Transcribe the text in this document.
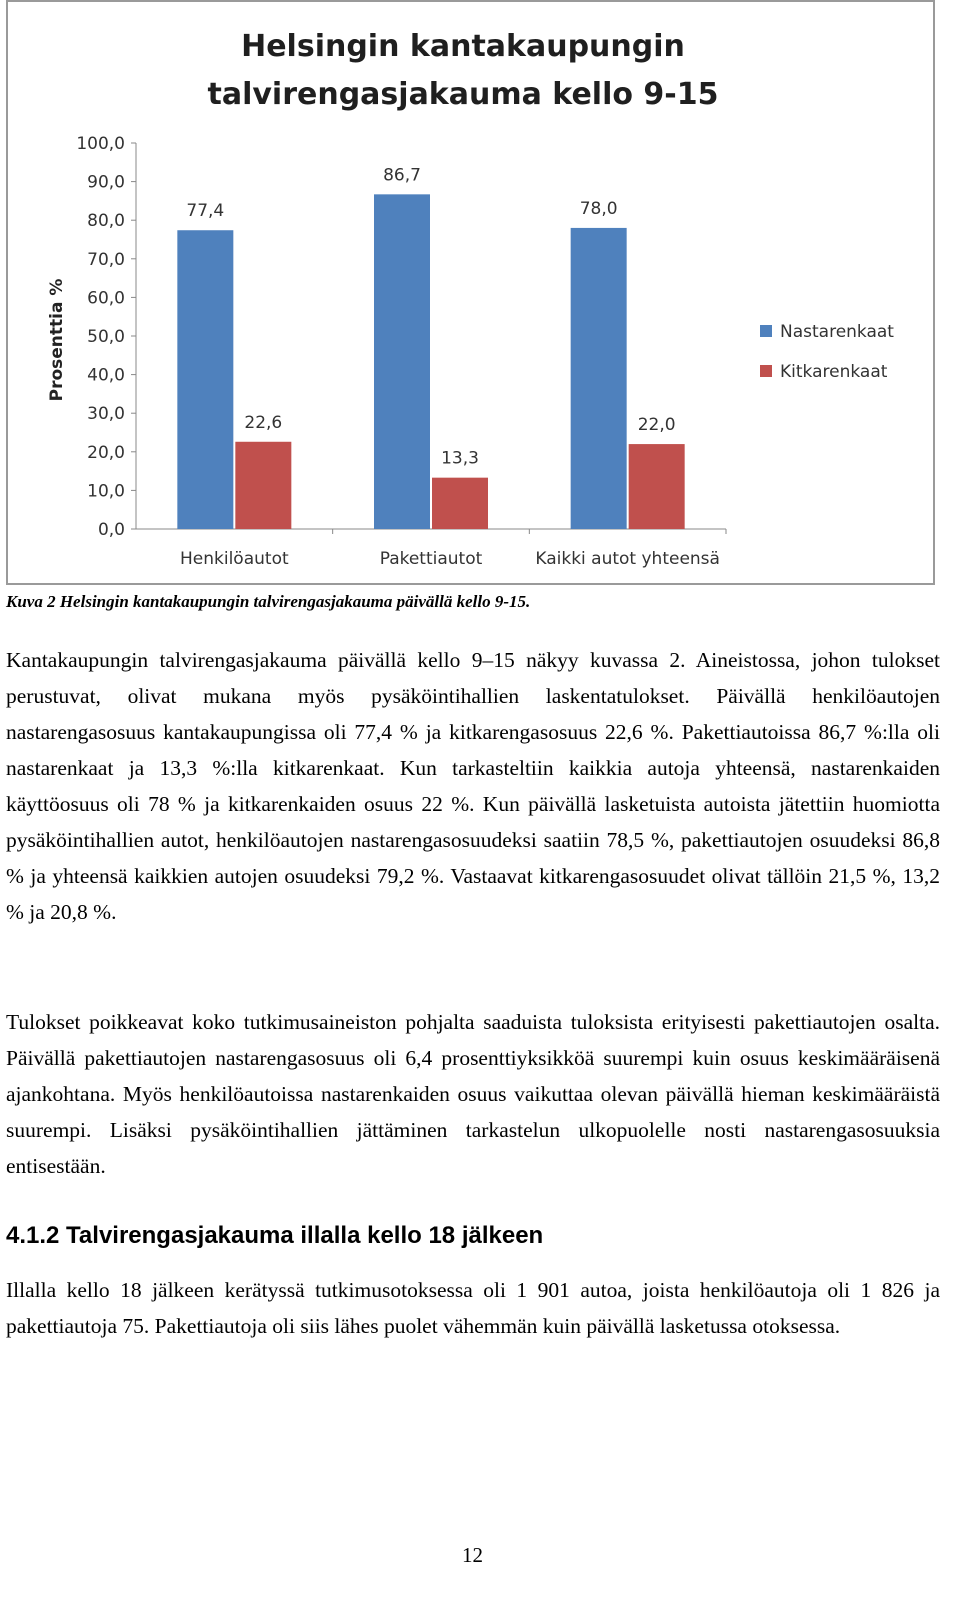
Helsingin kantakaupungin
talvirengasjakauma kello 9-15
0,0
10,0
20,0
30,0
40,0
50,0
60,0
70,0
80,0
90,0
100,0
Prosenttia %
77,4
22,6
Henkilöautot
86,7
13,3
Pakettiautot
78,0
22,0
Kaikki autot yhteensä
Nastarenkaat
Kitkarenkaat
Kuva 2 Helsingin kantakaupungin talvirengasjakauma päivällä kello 9-15.
Kantakaupungin talvirengasjakauma päivällä kello 9–15 näkyy kuvassa 2. Aineistossa, johon tulokset perustuvat, olivat mukana myös pysäköintihallien laskentatulokset. Päivällä henkilöautojen nastarengasosuus kantakaupungissa oli 77,4 % ja kitkarengasosuus 22,6 %. Pakettiautoissa 86,7 %:lla oli nastarenkaat ja 13,3 %:lla kitkarenkaat. Kun tarkasteltiin kaikkia autoja yhteensä, nastarenkaiden käyttöosuus oli 78 % ja kitkarenkaiden osuus 22 %. Kun päivällä lasketuista autoista jätettiin huomiotta pysäköintihallien autot, henkilöautojen nastarengasosuudeksi saatiin 78,5 %, pakettiautojen osuudeksi 86,8 % ja yhteensä kaikkien autojen osuudeksi 79,2 %. Vastaavat kitkarengasosuudet olivat tällöin 21,5 %, 13,2 % ja 20,8 %.
Tulokset poikkeavat koko tutkimusaineiston pohjalta saaduista tuloksista erityisesti pakettiautojen osalta. Päivällä pakettiautojen nastarengasosuus oli 6,4 prosenttiyksikköä suurempi kuin osuus keskimääräisenä ajankohtana. Myös henkilöautoissa nastarenkaiden osuus vaikuttaa olevan päivällä hieman keskimääräistä suurempi. Lisäksi pysäköintihallien jättäminen tarkastelun ulkopuolelle nosti nastarengasosuuksia entisestään.
4.1.2 Talvirengasjakauma illalla kello 18 jälkeen
Illalla kello 18 jälkeen kerätyssä tutkimusotoksessa oli 1 901 autoa, joista henkilöautoja oli 1 826 ja pakettiautoja 75. Pakettiautoja oli siis lähes puolet vähemmän kuin päivällä lasketussa otoksessa.
12
